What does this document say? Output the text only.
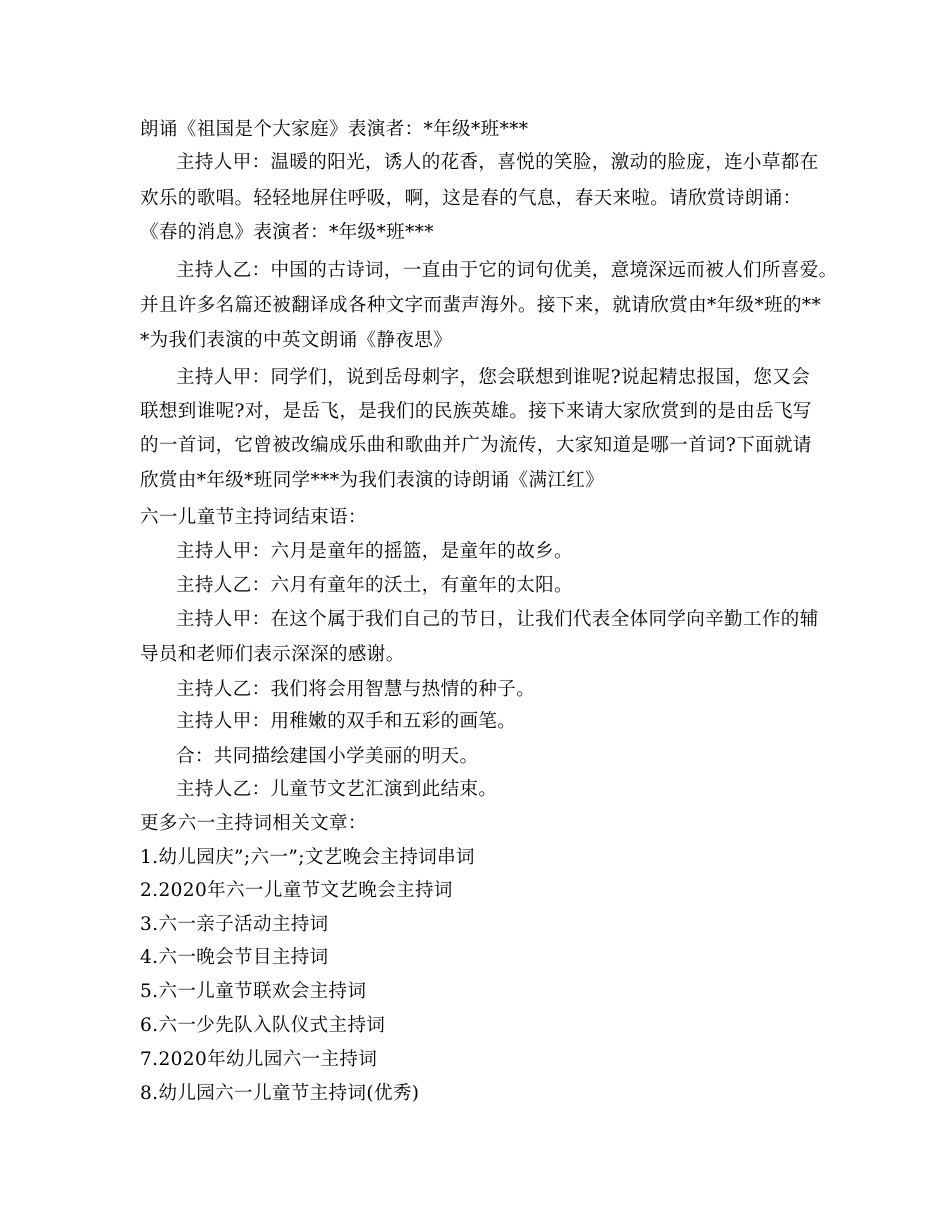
朗诵《祖国是个大家庭》表演者：*年级*班***
主持人甲：温暖的阳光，诱人的花香，喜悦的笑脸，激动的脸庞，连小草都在
欢乐的歌唱。轻轻地屏住呼吸，啊，这是春的气息，春天来啦。请欣赏诗朗诵：
《春的消息》表演者：*年级*班***
主持人乙：中国的古诗词，一直由于它的词句优美，意境深远而被人们所喜爱。
并且许多名篇还被翻译成各种文字而蜚声海外。接下来，就请欣赏由*年级*班的**
*为我们表演的中英文朗诵《静夜思》
主持人甲：同学们，说到岳母刺字，您会联想到谁呢?说起精忠报国，您又会
联想到谁呢?对，是岳飞，是我们的民族英雄。接下来请大家欣赏到的是由岳飞写
的一首词，它曾被改编成乐曲和歌曲并广为流传，大家知道是哪一首词?下面就请
欣赏由*年级*班同学***为我们表演的诗朗诵《满江红》
六一儿童节主持词结束语：
主持人甲：六月是童年的摇篮，是童年的故乡。
主持人乙：六月有童年的沃土，有童年的太阳。
主持人甲：在这个属于我们自己的节日，让我们代表全体同学向辛勤工作的辅
导员和老师们表示深深的感谢。
主持人乙：我们将会用智慧与热情的种子。
主持人甲：用稚嫩的双手和五彩的画笔。
合：共同描绘建国小学美丽的明天。
主持人乙：儿童节文艺汇演到此结束。
更多六一主持词相关文章：
1.幼儿园庆”;六一”;文艺晚会主持词串词
2.2020年六一儿童节文艺晚会主持词
3.六一亲子活动主持词
4.六一晚会节目主持词
5.六一儿童节联欢会主持词
6.六一少先队入队仪式主持词
7.2020年幼儿园六一主持词
8.幼儿园六一儿童节主持词(优秀)
